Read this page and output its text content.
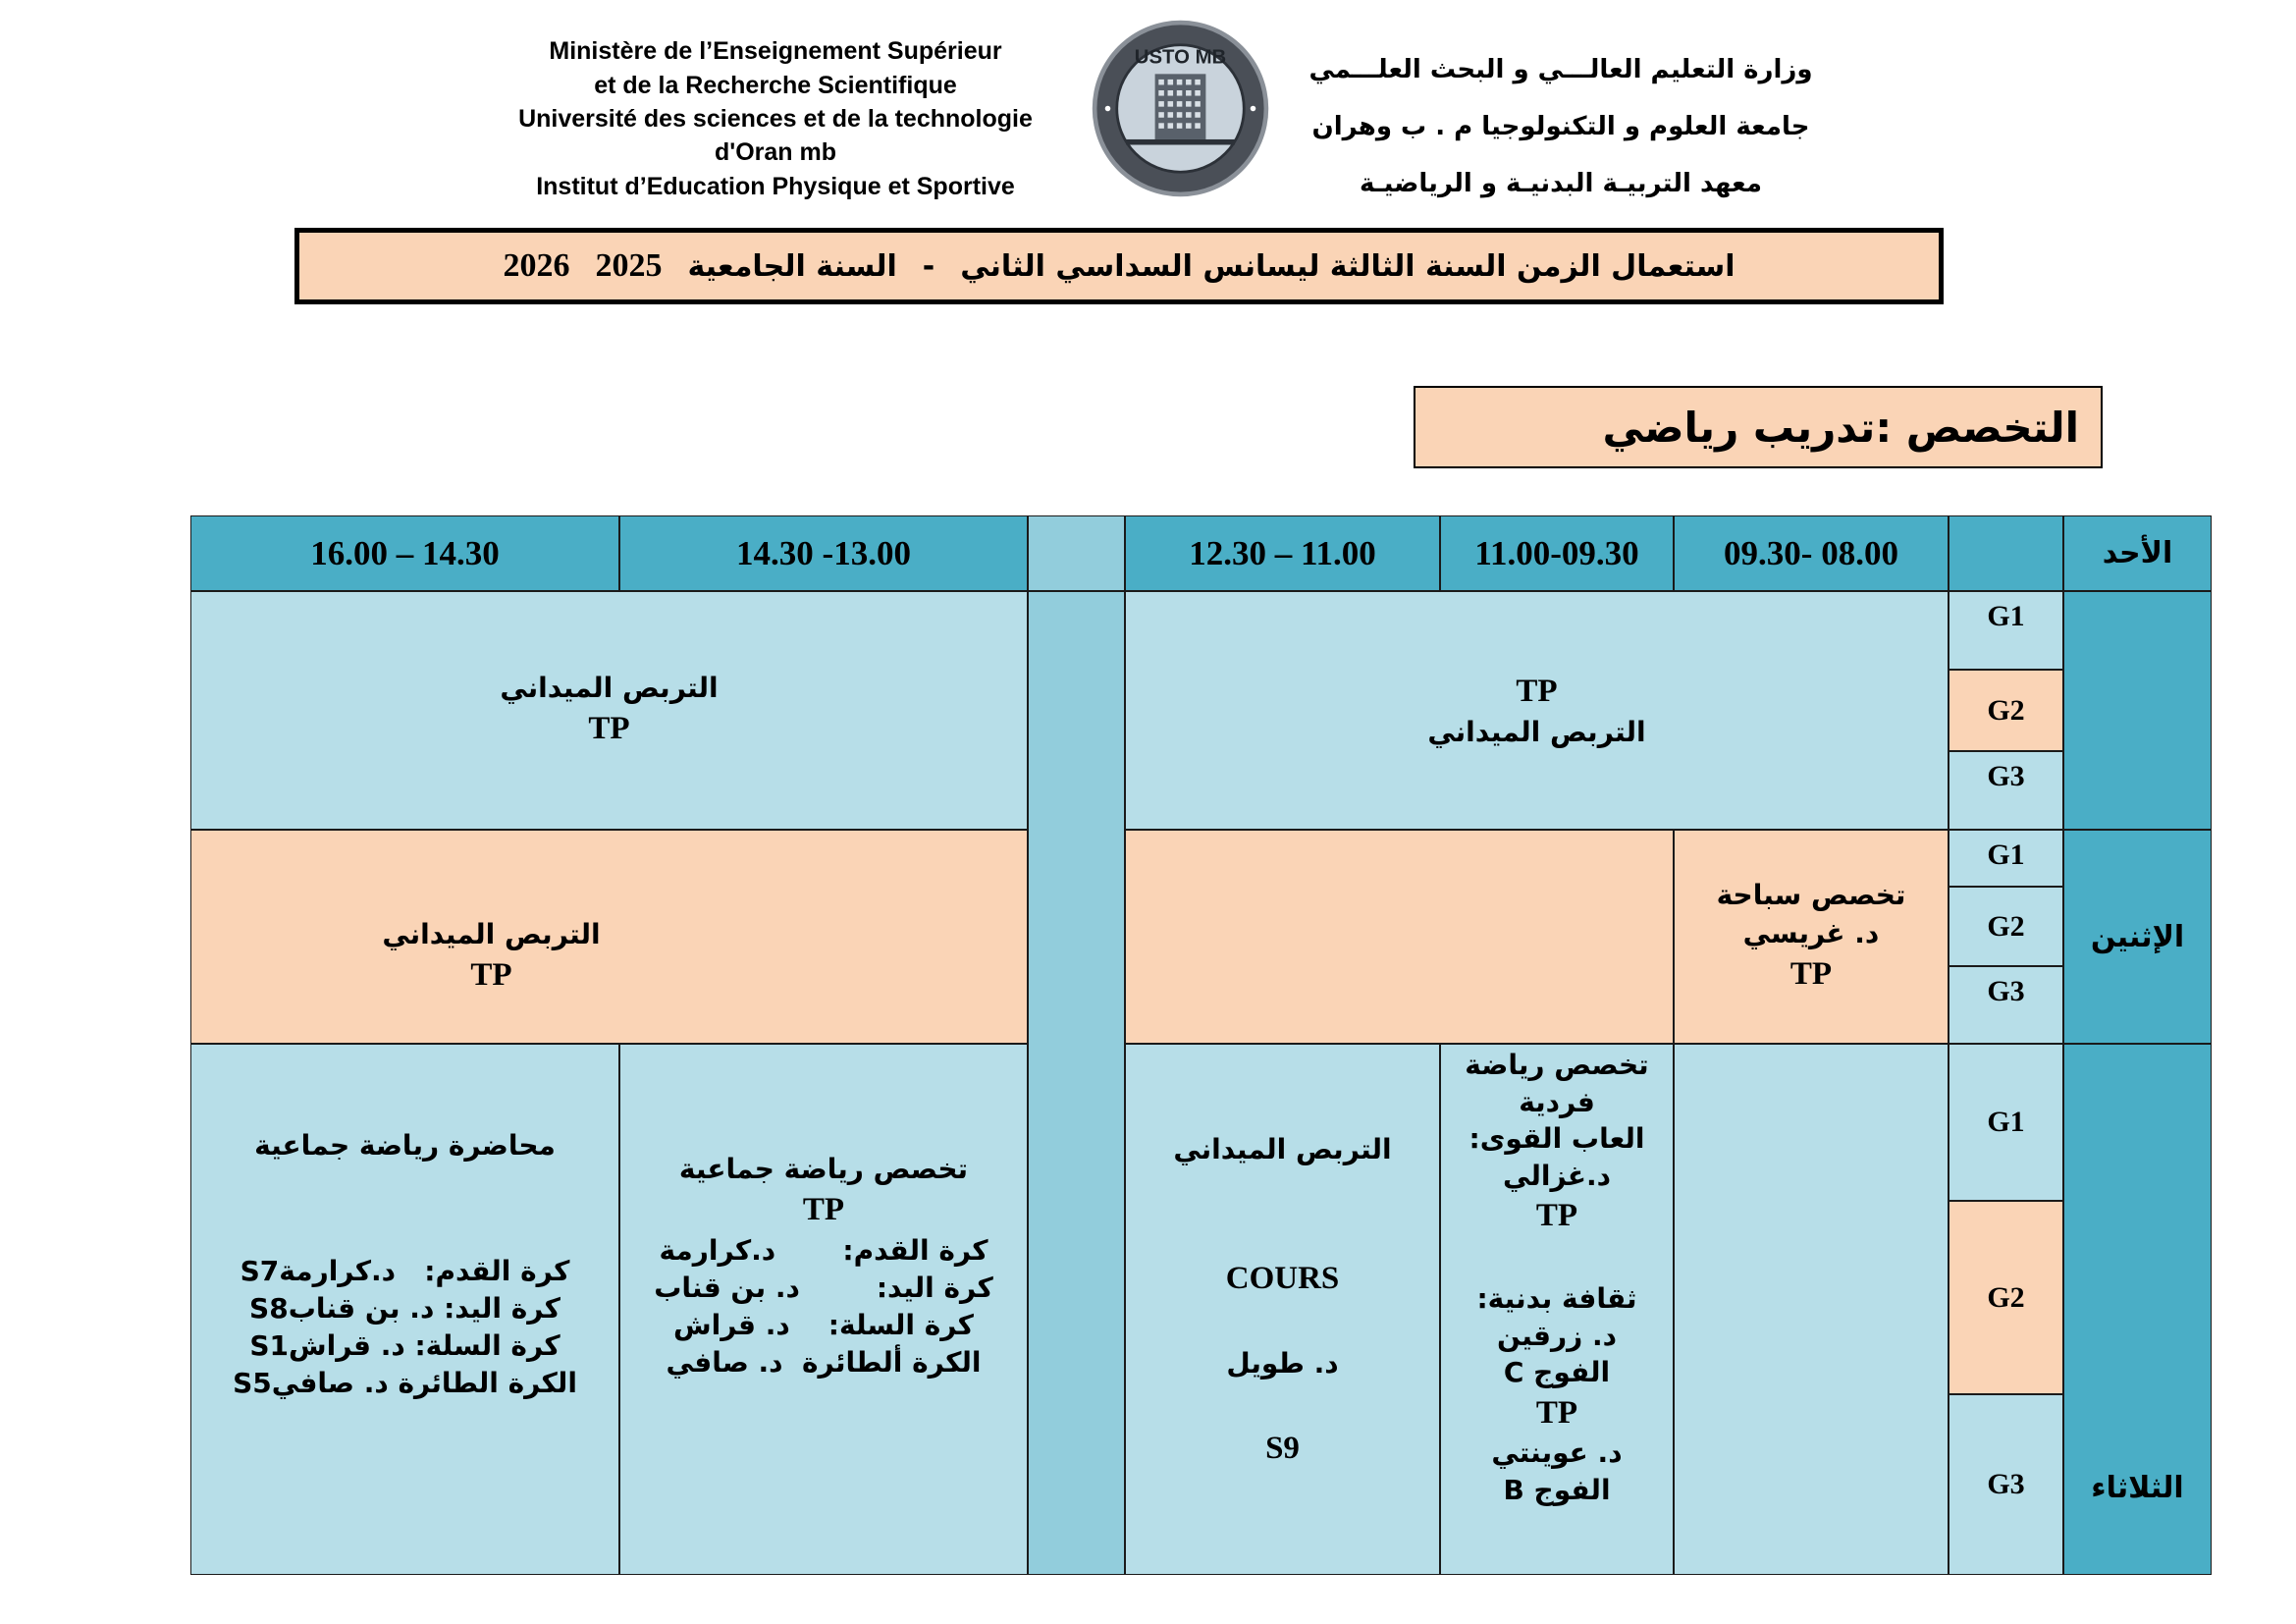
Ministère de l’Enseignement Supérieur
et de la Recherche Scientifique
Université des sciences et de la technologie
d'Oran mb
Institut d’Education Physique et Sportive
USTO MB	وزارة التعليم العالـــي و البحث العلـــمي
جامعة العلوم و التكنولوجيا م . ب وهران
معهد التربيـة البدنيـة و الرياضيـة
استعمال الزمن السنة الثالثة ليسانس السداسي الثاني
-
السنة الجامعية
2025
2026
التخصص :تدريب رياضي
الأحد
09.30- 08.00
11.00-09.30
12.30 – 11.00
14.30 -13.00
16.00 – 14.30
الإثنين
الثلاثاء
G1
G2
G3
G1
G2
G3
G1
G2
G3
TP
التربص الميداني
التربص الميداني
TP
تخصص سباحة
د. غريسي
TP
التربص الميداني
TP
تخصص رياضة
فردية
العاب القوى:
د.غزالي
TP
ثقافة بدنية:
د. زرقين
الفوج C
TP
د. عوينتي
الفوج B
التربص الميداني
COURS
د. طويل
S9
تخصص رياضة جماعية
TP
كرة القدم:       د.كرارمة
كرة اليد:        د. بن قناب
كرة السلة:    د. قراش
الكرة ألطائرة  د. صافي
محاضرة رياضة جماعية
كرة القدم:   د.كرارمةS7
كرة اليد: د. بن قنابS8
كرة السلة: د. قراشS1
الكرة الطائرة د. صافيS5
